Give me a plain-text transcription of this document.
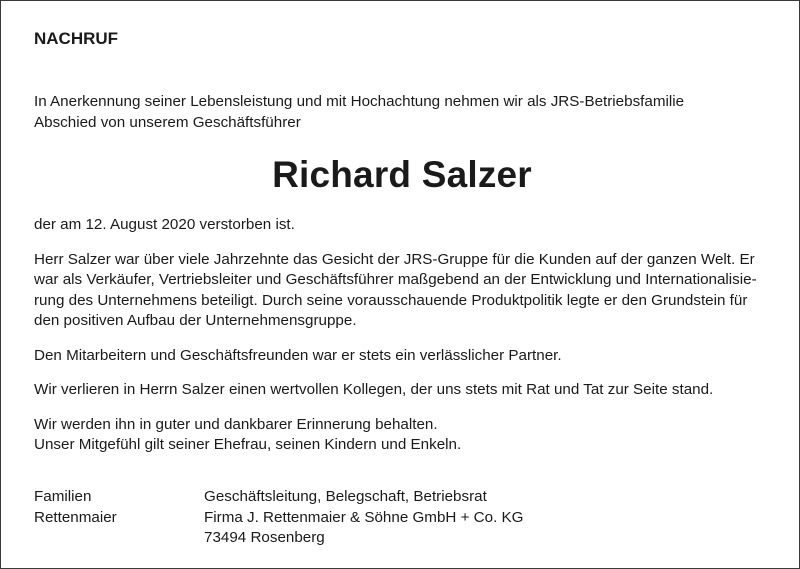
NACHRUF
In Anerkennung seiner Lebensleistung und mit Hochachtung nehmen wir als JRS-Betriebsfamilie
Abschied von unserem Geschäftsführer
Richard Salzer

der am 12. August 2020 verstorben ist.

Herr Salzer war über viele Jahrzehnte das Gesicht der JRS-Gruppe für die Kunden auf der ganzen Welt. Er
war als Verkäufer, Vertriebsleiter und Geschäftsführer maßgebend an der Entwicklung und Internationalisie-
rung des Unternehmens beteiligt. Durch seine vorausschauende Produktpolitik legte er den Grundstein für
den positiven Aufbau der Unternehmensgruppe.

Den Mitarbeitern und Geschäftsfreunden war er stets ein verlässlicher Partner.

Wir verlieren in Herrn Salzer einen wertvollen Kollegen, der uns stets mit Rat und Tat zur Seite stand.

Wir werden ihn in guter und dankbarer Erinnerung behalten.
Unser Mitgefühl gilt seiner Ehefrau, seinen Kindern und Enkeln.
Familien
Rettenmaier
Geschäftsleitung, Belegschaft, Betriebsrat
Firma J. Rettenmaier & Söhne GmbH + Co. KG
73494 Rosenberg
